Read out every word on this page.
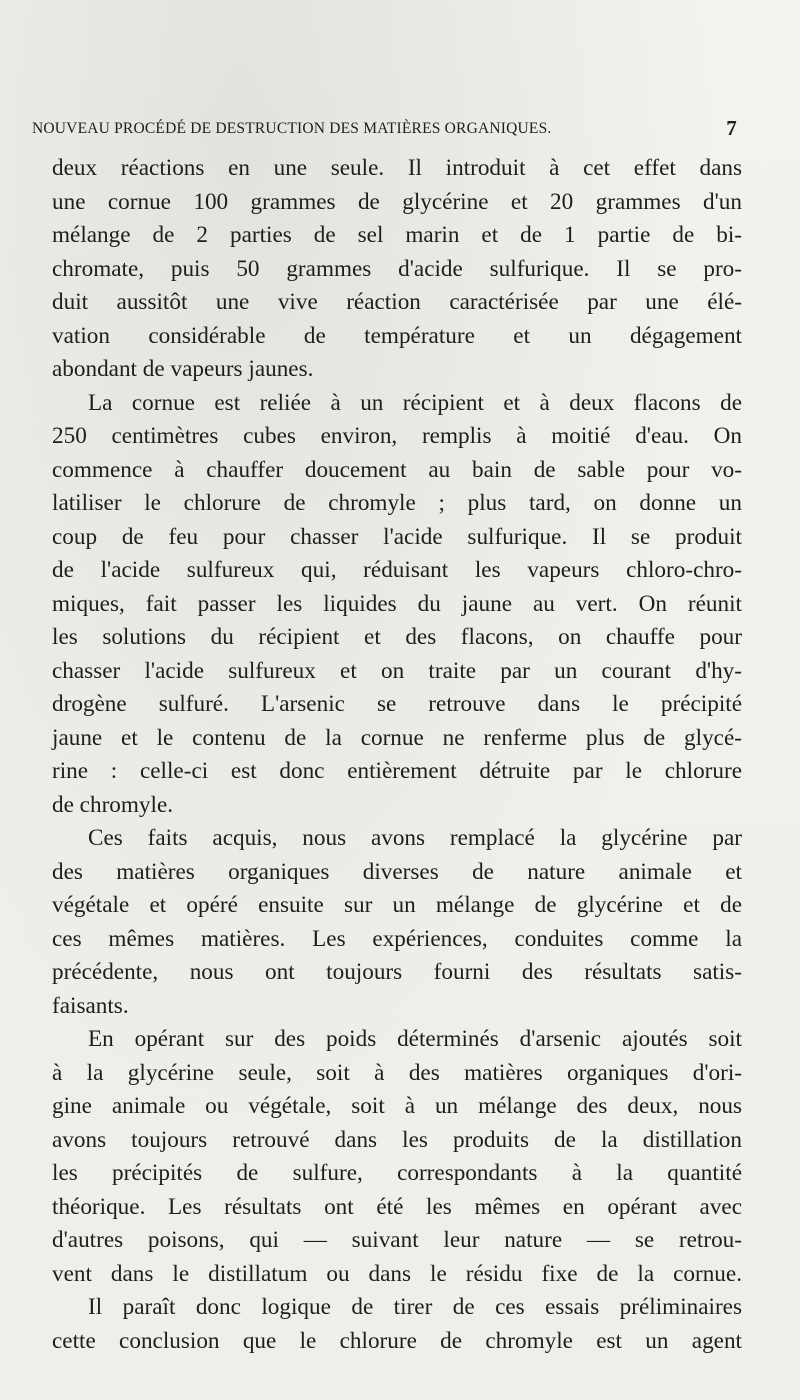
NOUVEAU PROCÉDÉ DE DESTRUCTION DES MATIÈRES ORGANIQUES.	7
deux réactions en une seule. Il introduit à cet effet dans
une cornue 100 grammes de glycérine et 20 grammes d'un
mélange de 2 parties de sel marin et de 1 partie de bi-
chromate, puis 50 grammes d'acide sulfurique. Il se pro-
duit aussitôt une vive réaction caractérisée par une élé-
vation considérable de température et un dégagement
abondant de vapeurs jaunes.
La cornue est reliée à un récipient et à deux flacons de
250 centimètres cubes environ, remplis à moitié d'eau. On
commence à chauffer doucement au bain de sable pour vo-
latiliser le chlorure de chromyle ; plus tard, on donne un
coup de feu pour chasser l'acide sulfurique. Il se produit
de l'acide sulfureux qui, réduisant les vapeurs chloro-chro-
miques, fait passer les liquides du jaune au vert. On réunit
les solutions du récipient et des flacons, on chauffe pour
chasser l'acide sulfureux et on traite par un courant d'hy-
drogène sulfuré. L'arsenic se retrouve dans le précipité
jaune et le contenu de la cornue ne renferme plus de glycé-
rine : celle-ci est donc entièrement détruite par le chlorure
de chromyle.
Ces faits acquis, nous avons remplacé la glycérine par
des matières organiques diverses de nature animale et
végétale et opéré ensuite sur un mélange de glycérine et de
ces mêmes matières. Les expériences, conduites comme la
précédente, nous ont toujours fourni des résultats satis-
faisants.
En opérant sur des poids déterminés d'arsenic ajoutés soit
à la glycérine seule, soit à des matières organiques d'ori-
gine animale ou végétale, soit à un mélange des deux, nous
avons toujours retrouvé dans les produits de la distillation
les précipités de sulfure, correspondants à la quantité
théorique. Les résultats ont été les mêmes en opérant avec
d'autres poisons, qui — suivant leur nature — se retrou-
vent dans le distillatum ou dans le résidu fixe de la cornue.
Il paraît donc logique de tirer de ces essais préliminaires
cette conclusion que le chlorure de chromyle est un agent
